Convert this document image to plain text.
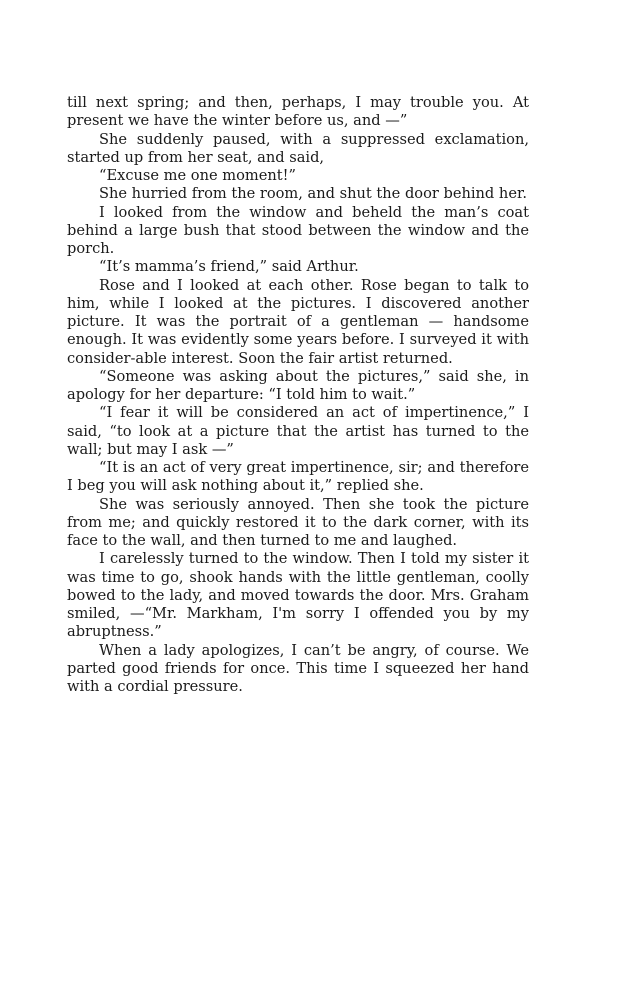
till next spring; and then, perhaps, I may trouble you. At present we have the winter before us, and —”

She suddenly paused, with a suppressed exclamation, started up from her seat, and said,

“Excuse me one moment!”

She hurried from the room, and shut the door behind her.

I looked from the window and beheld the man’s coat behind a large bush that stood between the window and the porch.

“It’s mamma’s friend,” said Arthur.

Rose and I looked at each other. Rose began to talk to him, while I looked at the pictures. I discovered another picture. It was the portrait of a gentleman — handsome enough. It was evidently some years before. I surveyed it with consider-able interest. Soon the fair artist returned.

“Someone was asking about the pictures,” said she, in apology for her departure: “I told him to wait.”

“I fear it will be considered an act of impertinence,” I said, “to look at a picture that the artist has turned to the wall; but may I ask —”

“It is an act of very great impertinence, sir; and therefore I beg you will ask nothing about it,” replied she.

She was seriously annoyed. Then she took the picture from me; and quickly restored it to the dark corner, with its face to the wall, and then turned to me and laughed.

I carelessly turned to the window. Then I told my sister it was time to go, shook hands with the little gentleman, coolly bowed to the lady, and moved towards the door. Mrs. Graham smiled, —“Mr. Markham, I'm sorry I offended you by my abruptness.”

When a lady apologizes, I can’t be angry, of course. We parted good friends for once. This time I squeezed her hand with a cordial pressure.
